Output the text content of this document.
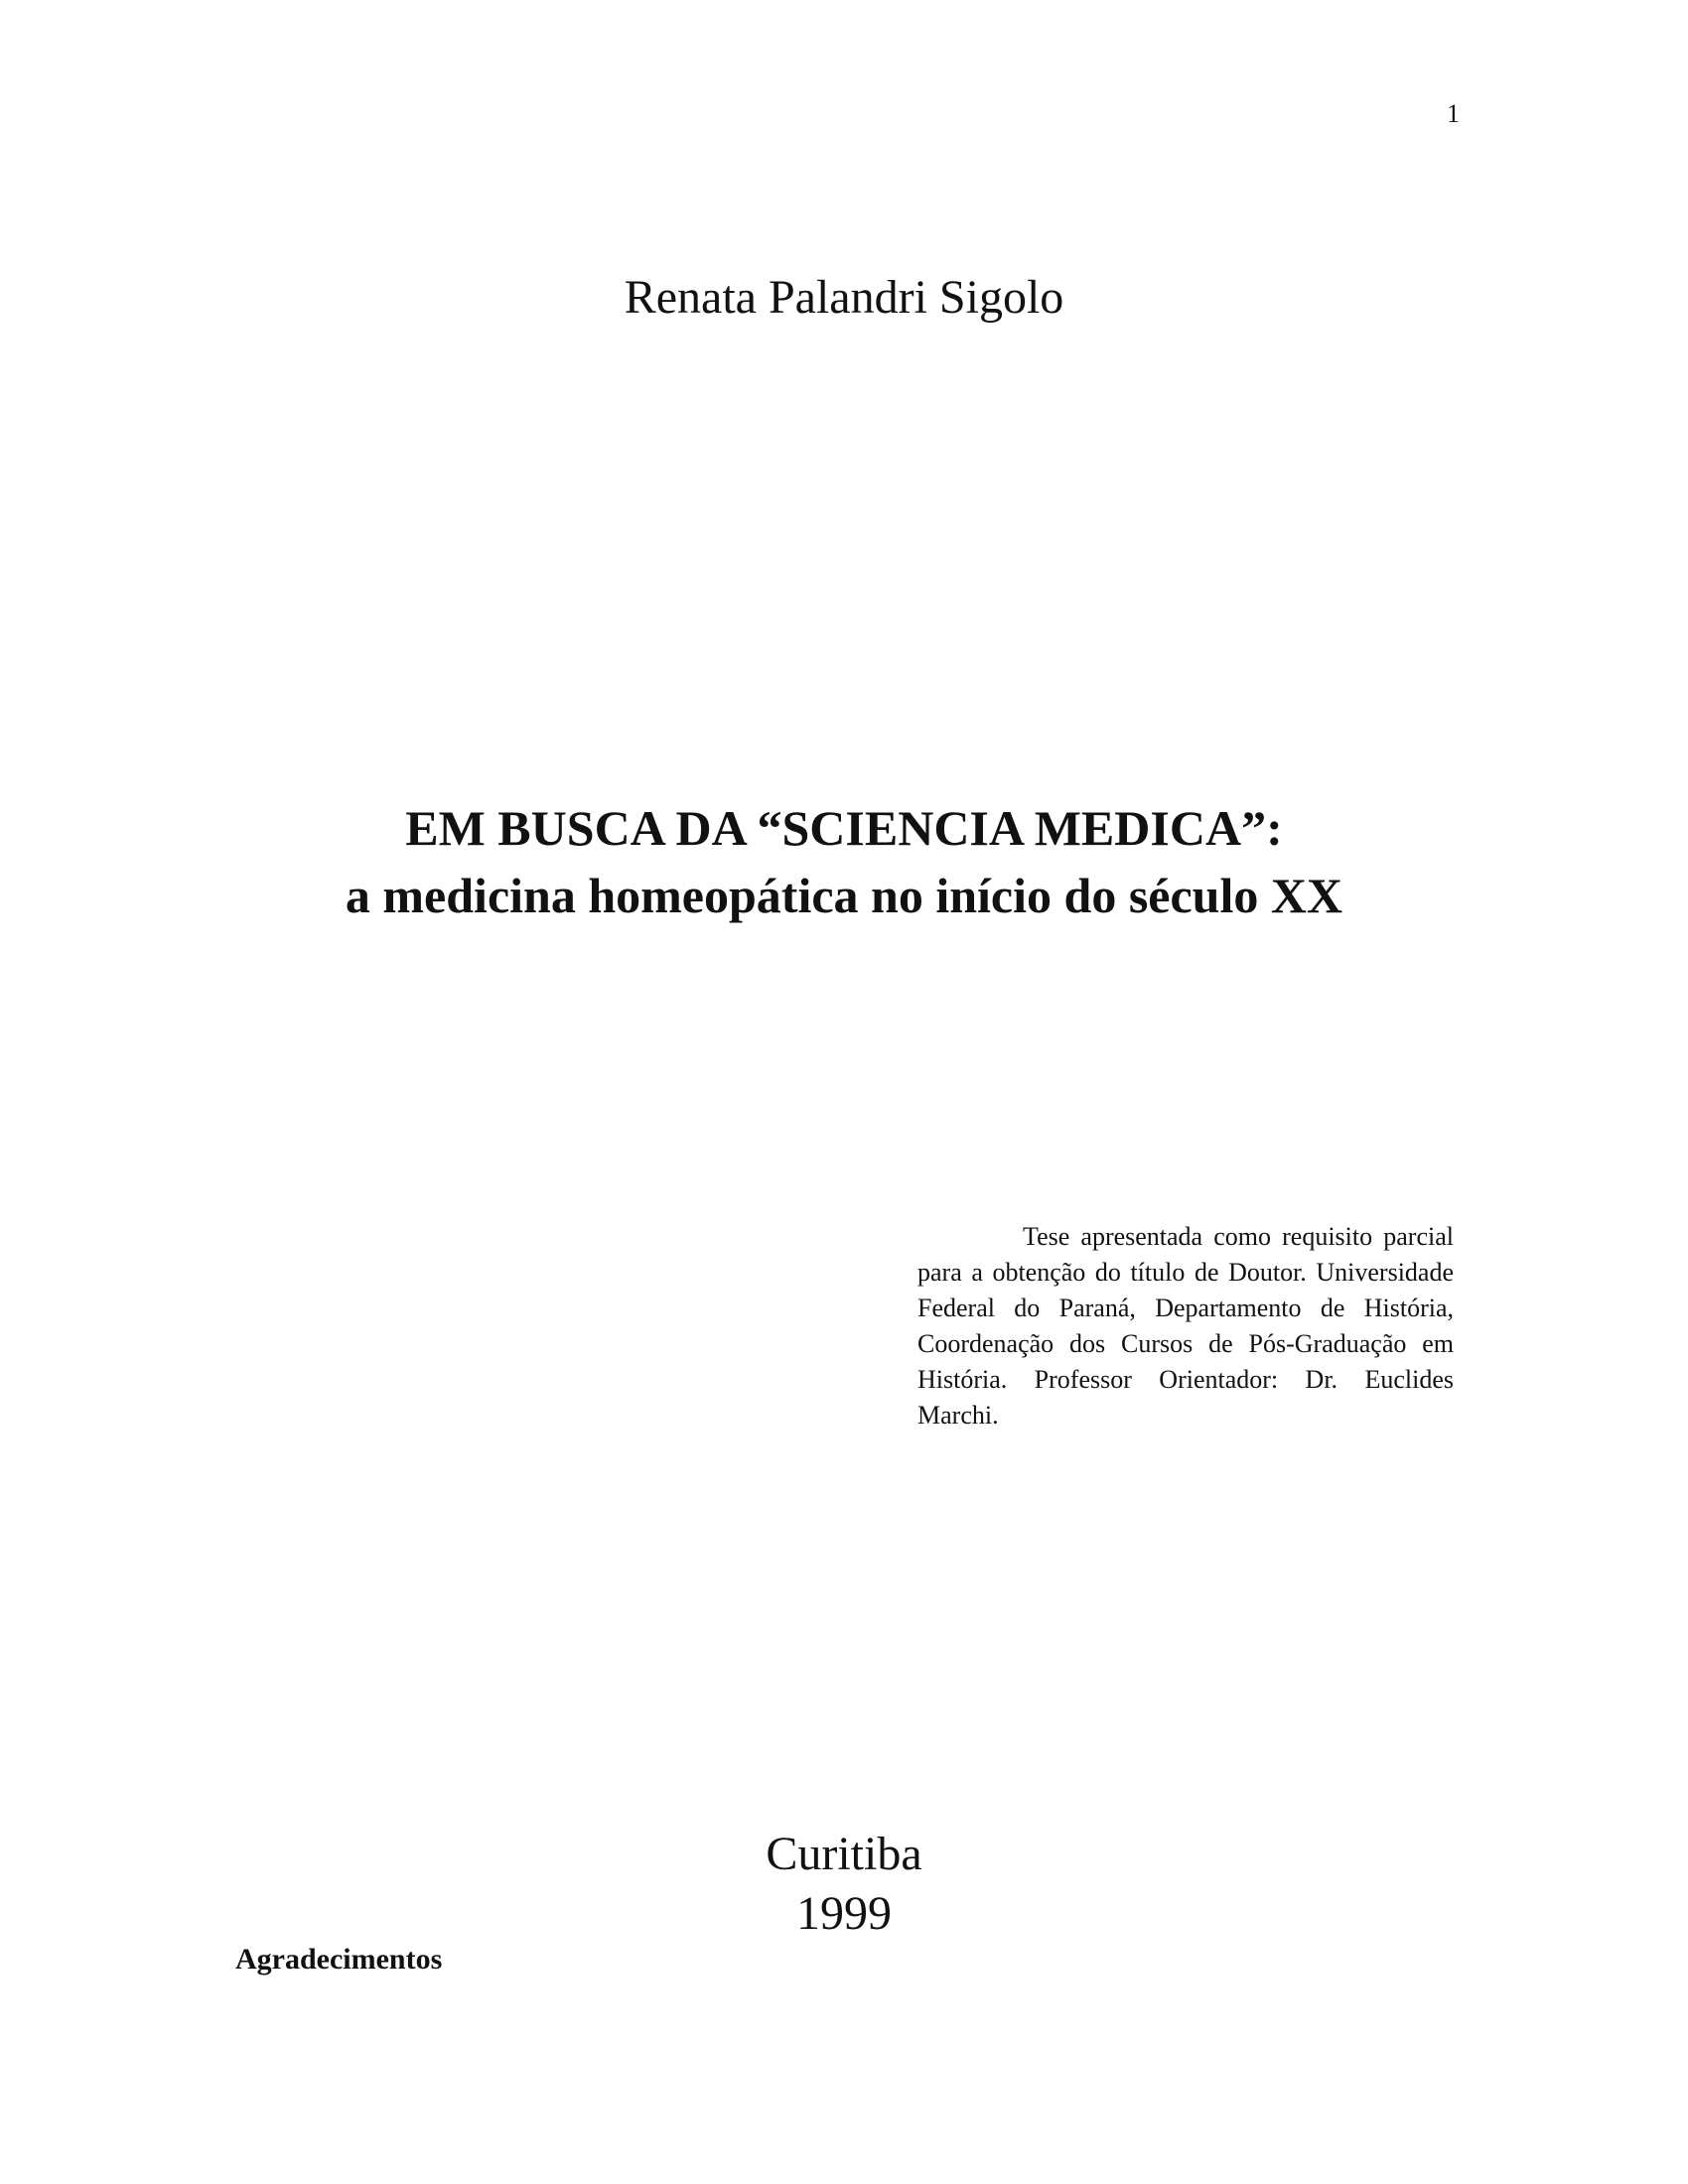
1
Renata Palandri Sigolo
EM BUSCA DA “SCIENCIA MEDICA”:
a medicina homeopática no início do século XX
Tese apresentada como requisito parcial para a obtenção do título de Doutor. Universidade Federal do Paraná, Departamento de História, Coordenação dos Cursos de Pós-Graduação em História. Professor Orientador: Dr. Euclides Marchi.
Curitiba
1999
Agradecimentos
